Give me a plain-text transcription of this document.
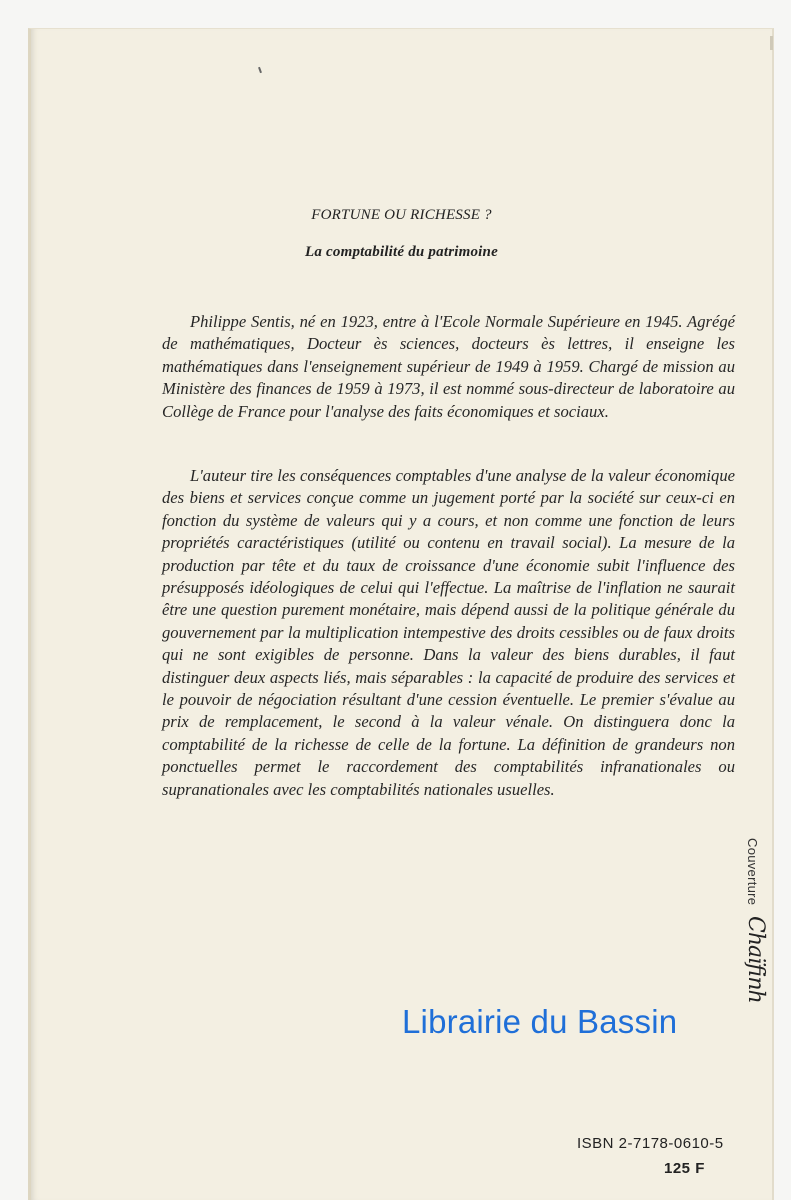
FORTUNE OU RICHESSE ?
La comptabilité du patrimoine

Philippe Sentis, né en 1923, entre à l'Ecole Normale Supérieure en 1945. Agrégé de mathématiques, Docteur ès sciences, docteurs ès lettres, il enseigne les mathématiques dans l'enseignement supérieur de 1949 à 1959. Chargé de mission au Ministère des finances de 1959 à 1973, il est nommé sous-directeur de laboratoire au Collège de France pour l'analyse des faits économiques et sociaux.

L'auteur tire les conséquences comptables d'une analyse de la valeur économique des biens et services conçue comme un jugement porté par la société sur ceux-ci en fonction du système de valeurs qui y a cours, et non comme une fonction de leurs propriétés caractéristiques (utilité ou contenu en travail social). La mesure de la production par tête et du taux de croissance d'une économie subit l'influence des présupposés idéologiques de celui qui l'effectue. La maîtrise de l'inflation ne saurait être une question purement monétaire, mais dépend aussi de la politique générale du gouvernement par la multiplication intempestive des droits cessibles ou de faux droits qui ne sont exigibles de personne. Dans la valeur des biens durables, il faut distinguer deux aspects liés, mais séparables : la capacité de produire des services et le pouvoir de négociation résultant d'une cession éventuelle. Le premier s'évalue au prix de remplacement, le second à la valeur vénale. On distinguera donc la comptabilité de la richesse de celle de la fortune. La définition de grandeurs non ponctuelles permet le raccordement des comptabilités infranationales ou supranationales avec les comptabilités nationales usuelles.

ISBN 2-7178-0610-5
125 F
Couverture
Chaïfinh
Librairie du Bassin
